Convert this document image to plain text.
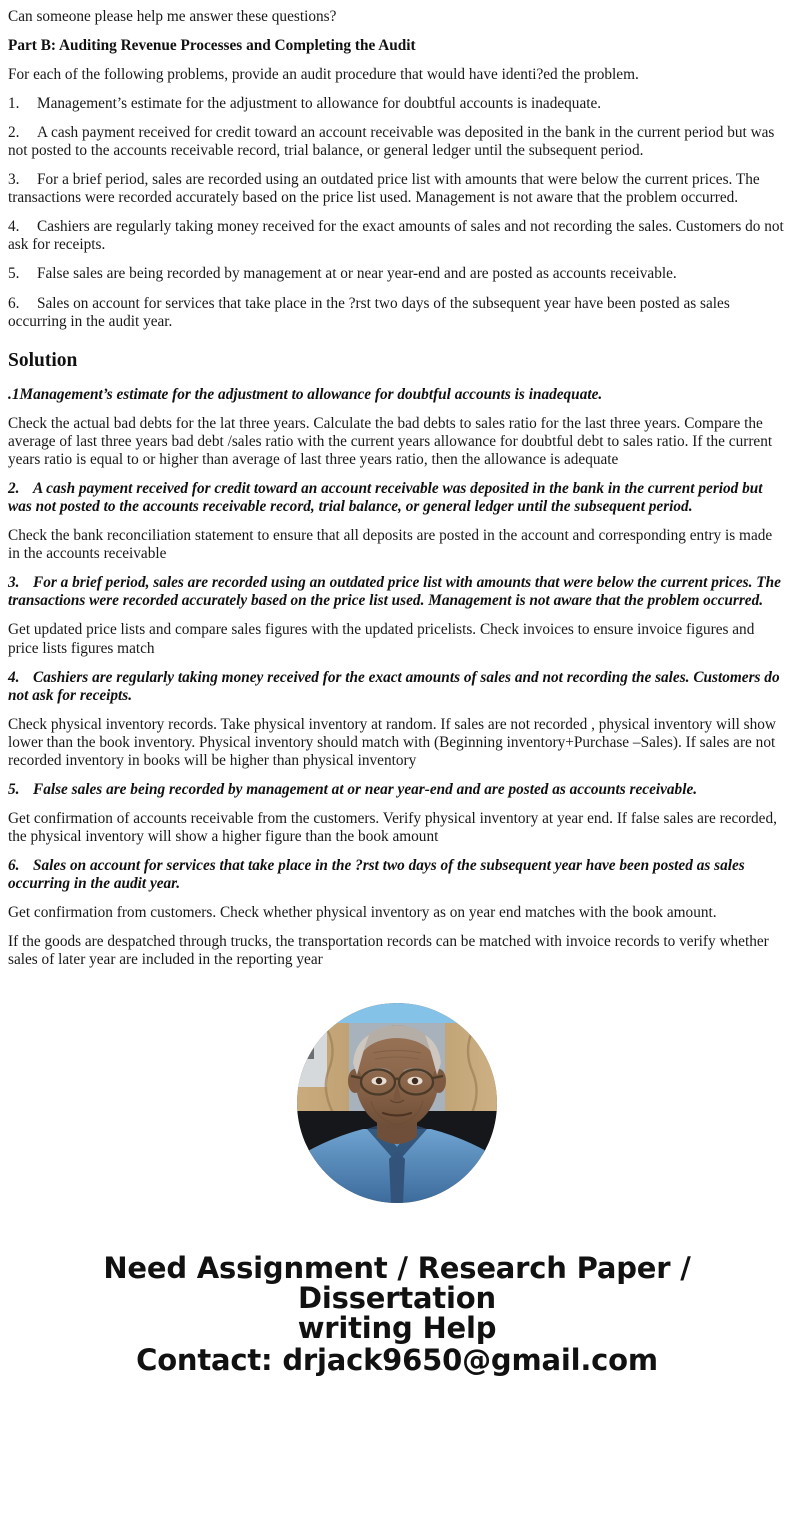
Can someone please help me answer these questions?

Part B: Auditing Revenue Processes and Completing the Audit

For each of the following problems, provide an audit procedure that would have identi?ed the problem.

1. Management’s estimate for the adjustment to allowance for doubtful accounts is inadequate.

2. A cash payment received for credit toward an account receivable was deposited in the bank in the current period but was not posted to the accounts receivable record, trial balance, or general ledger until the subsequent period.

3. For a brief period, sales are recorded using an outdated price list with amounts that were below the current prices. The transactions were recorded accurately based on the price list used. Management is not aware that the problem occurred.

4. Cashiers are regularly taking money received for the exact amounts of sales and not recording the sales. Customers do not ask for receipts.

5. False sales are being recorded by management at or near year-end and are posted as accounts receivable.

6. Sales on account for services that take place in the ?rst two days of the subsequent year have been posted as sales occurring in the audit year.

Solution

.1Management’s estimate for the adjustment to allowance for doubtful accounts is inadequate.

Check the actual bad debts for the lat three years. Calculate the bad debts to sales ratio for the last three years. Compare the average of last three years bad debt /sales ratio with the current years allowance for doubtful debt to sales ratio. If the current years ratio is equal to or higher than average of last three years ratio, then the allowance is adequate

2. A cash payment received for credit toward an account receivable was deposited in the bank in the current period but was not posted to the accounts receivable record, trial balance, or general ledger until the subsequent period.

Check the bank reconciliation statement to ensure that all deposits are posted in the account and corresponding entry is made in the accounts receivable

3. For a brief period, sales are recorded using an outdated price list with amounts that were below the current prices. The transactions were recorded accurately based on the price list used. Management is not aware that the problem occurred.

Get updated price lists and compare sales figures with the updated pricelists. Check invoices to ensure invoice figures and price lists figures match

4. Cashiers are regularly taking money received for the exact amounts of sales and not recording the sales. Customers do not ask for receipts.

Check physical inventory records. Take physical inventory at random. If sales are not recorded , physical inventory will show lower than the book inventory. Physical inventory should match with (Beginning inventory+Purchase –Sales). If sales are not recorded inventory in books will be higher than physical inventory

5. False sales are being recorded by management at or near year-end and are posted as accounts receivable.

Get confirmation of accounts receivable from the customers. Verify physical inventory at year end. If false sales are recorded, the physical inventory will show a higher figure than the book amount

6. Sales on account for services that take place in the ?rst two days of the subsequent year have been posted as sales occurring in the audit year.

Get confirmation from customers. Check whether physical inventory as on year end matches with the book amount.

If the goods are despatched through trucks, the transportation records can be matched with invoice records to verify whether sales of later year are included in the reporting year

Need Assignment / Research Paper / Dissertation
writing Help
Contact: drjack9650@gmail.com
